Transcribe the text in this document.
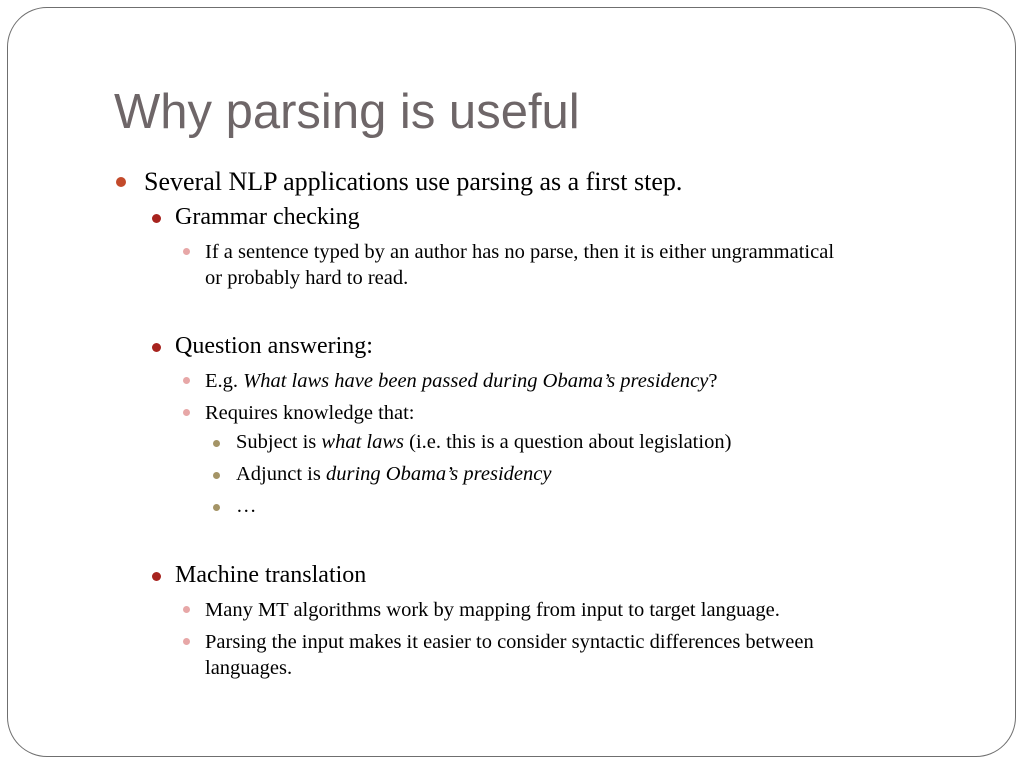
Why parsing is useful
Several NLP applications use parsing as a first step.
Grammar checking
If a sentence typed by an author has no parse, then it is either ungrammatical
or probably hard to read.
Question answering:
E.g. What laws have been passed during Obama’s presidency?
Requires knowledge that:
Subject is what laws (i.e. this is a question about legislation)
Adjunct is during Obama’s presidency
…
Machine translation
Many MT algorithms work by mapping from input to target language.
Parsing the input makes it easier to consider syntactic differences between
languages.
